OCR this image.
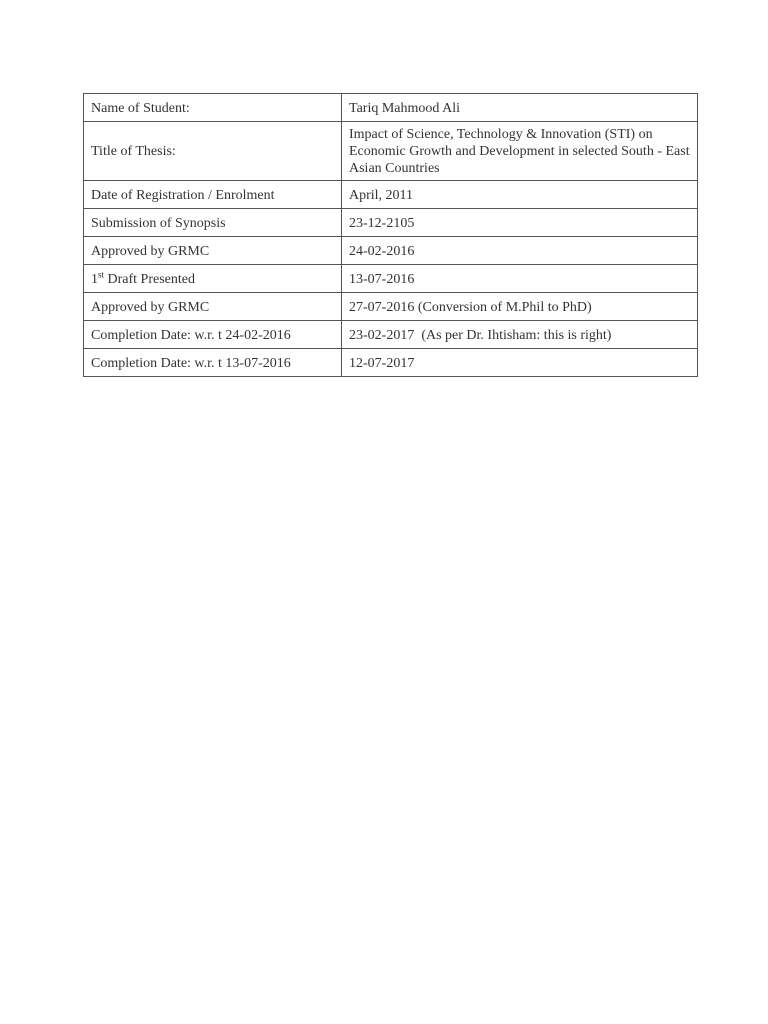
Name of Student:	Tariq Mahmood Ali
Title of Thesis:	Impact of Science, Technology & Innovation (STI) on Economic Growth and Development in selected South - East Asian Countries
Date of Registration / Enrolment	April, 2011
Submission of Synopsis	23-12-2105
Approved by GRMC	24-02-2016
1st Draft Presented	13-07-2016
Approved by GRMC	27-07-2016 (Conversion of M.Phil to PhD)
Completion Date: w.r. t 24-02-2016	23-02-2017  (As per Dr. Ihtisham: this is right)
Completion Date: w.r. t 13-07-2016	12-07-2017
